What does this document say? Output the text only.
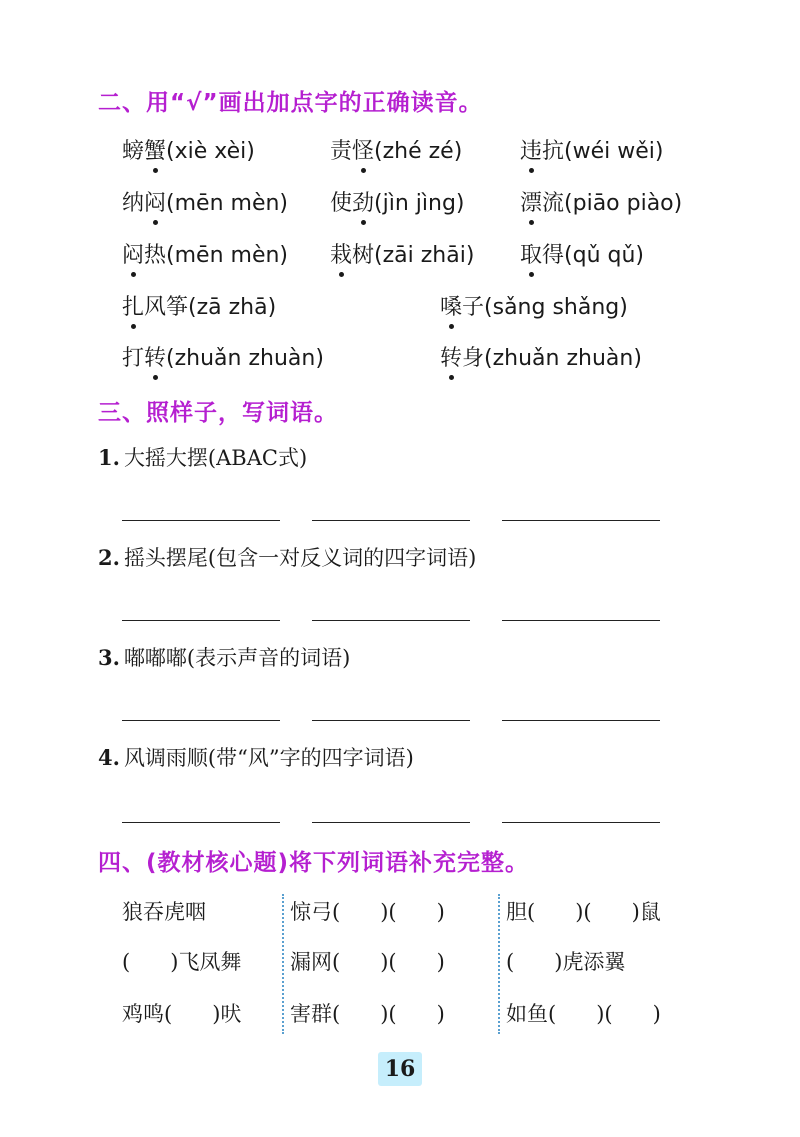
二、用“√”画出加点字的正确读音。
螃蟹(xiè xèi)	责怪(zhé zé)	违抗(wéi wěi)
纳闷(mēn mèn) 使劲(jìn jìng)	漂流(piāo piào)
闷热(mēn mèn) 栽树(zāi zhāi) 取得(qǔ qǔ)
扎风筝(zā zhā)	嗓子(sǎng shǎng)
打转(zhuǎn zhuàn)	转身(zhuǎn zhuàn)
三、照样子，写词语。
1. 大摇大摆(ABAC式)
2. 摇头摆尾(包含一对反义词的四字词语)
3. 嘟嘟嘟(表示声音的词语)
4. 风调雨顺(带“风”字的四字词语)
四、(教材核心题)将下列词语补充完整。
狼吞虎咽	惊弓(      )(      )	胆(      )(      )鼠
(      )飞凤舞 漏网(      )(      )	(      )虎添翼
鸡鸣(      )吠 害群(      )(      )	如鱼(      )(      )
16
